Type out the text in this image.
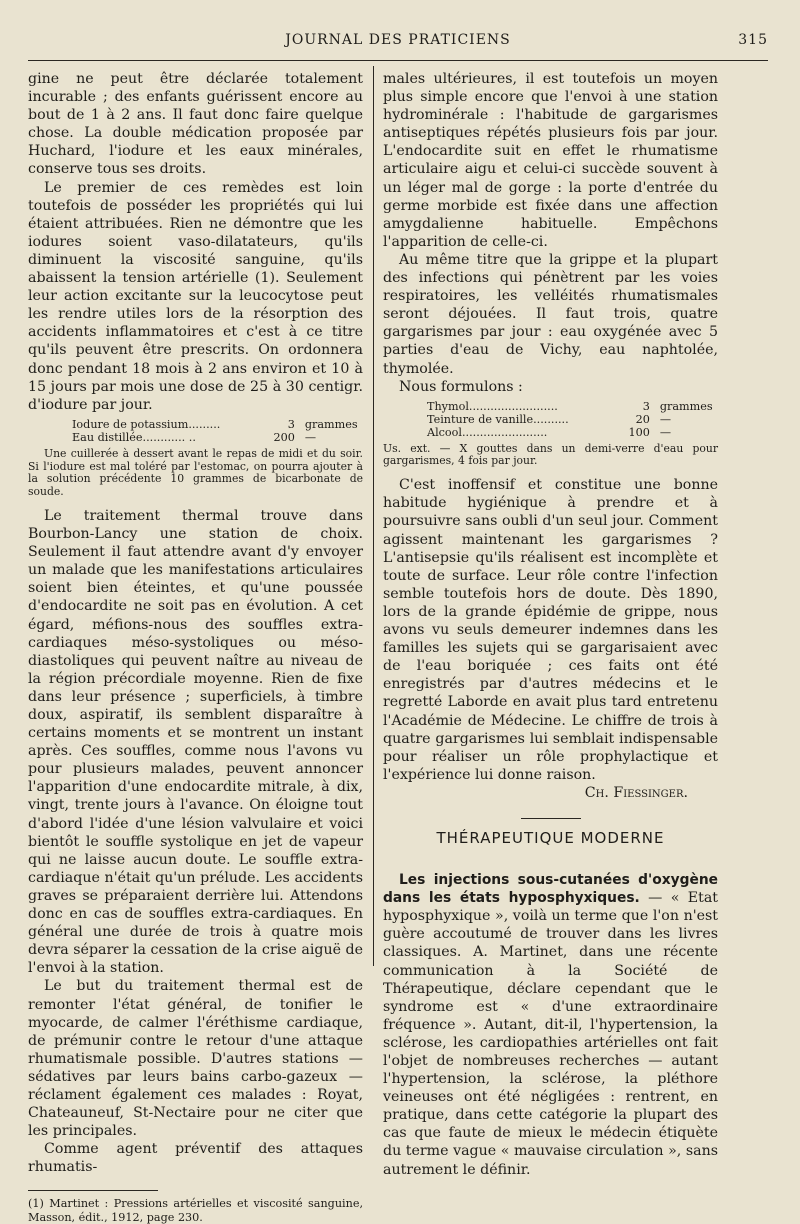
JOURNAL DES PRATICIENS	315

gine ne peut être déclarée totalement incurable ; des enfants guérissent encore au bout de 1 à 2 ans. Il faut donc faire quelque chose. La double médication proposée par Huchard, l'iodure et les eaux minérales, conserve tous ses droits.

Le premier de ces remèdes est loin toutefois de posséder les propriétés qui lui étaient attribuées. Rien ne démontre que les iodures soient vaso-dilatateurs, qu'ils diminuent la viscosité sanguine, qu'ils abaissent la tension artérielle (1). Seulement leur action excitante sur la leucocytose peut les rendre utiles lors de la résorption des accidents inflammatoires et c'est à ce titre qu'ils peuvent être prescrits. On ordonnera donc pendant 18 mois à 2 ans environ et 10 à 15 jours par mois une dose de 25 à 30 centigr. d'iodure par jour.

Iodure de potassium.........	3 grammes
Eau distillée............ ..	200 —

Une cuillerée à dessert avant le repas de midi et du soir. Si l'iodure est mal toléré par l'estomac, on pourra ajouter à la solution précédente 10 grammes de bicarbonate de soude.

Le traitement thermal trouve dans Bourbon-Lancy une station de choix. Seulement il faut attendre avant d'y envoyer un malade que les manifestations articulaires soient bien éteintes, et qu'une poussée d'endocardite ne soit pas en évolution. A cet égard, méfions-nous des souffles extra-cardiaques méso-systoliques ou méso-diastoliques qui peuvent naître au niveau de la région précordiale moyenne. Rien de fixe dans leur présence ; superficiels, à timbre doux, aspiratif, ils semblent disparaître à certains moments et se montrent un instant après. Ces souffles, comme nous l'avons vu pour plusieurs malades, peuvent annoncer l'apparition d'une endocardite mitrale, à dix, vingt, trente jours à l'avance. On éloigne tout d'abord l'idée d'une lésion valvulaire et voici bientôt le souffle systolique en jet de vapeur qui ne laisse aucun doute. Le souffle extra-cardiaque n'était qu'un prélude. Les accidents graves se préparaient derrière lui. Attendons donc en cas de souffles extra-cardiaques. En général une durée de trois à quatre mois devra séparer la cessation de la crise aiguë de l'envoi à la station.

Le but du traitement thermal est de remonter l'état général, de tonifier le myocarde, de calmer l'éréthisme cardiaque, de prémunir contre le retour d'une attaque rhumatismale possible. D'autres stations — sédatives par leurs bains carbo-gazeux — réclament également ces malades : Royat, Chateauneuf, St-Nectaire pour ne citer que les principales.

Comme agent préventif des attaques rhumatis-

(1) Martinet : Pressions artérielles et viscosité sanguine, Masson, édit., 1912, page 230.

males ultérieures, il est toutefois un moyen plus simple encore que l'envoi à une station hydrominérale : l'habitude de gargarismes antiseptiques répétés plusieurs fois par jour. L'endocardite suit en effet le rhumatisme articulaire aigu et celui-ci succède souvent à un léger mal de gorge : la porte d'entrée du germe morbide est fixée dans une affection amygdalienne habituelle. Empêchons l'apparition de celle-ci.

Au même titre que la grippe et la plupart des infections qui pénètrent par les voies respiratoires, les velléités rhumatismales seront déjouées. Il faut trois, quatre gargarismes par jour : eau oxygénée avec 5 parties d'eau de Vichy, eau naphtolée, thymolée.

Nous formulons :

Thymol.........................	3 grammes
Teinture de vanille..........	20 —
Alcool........................	100 —

Us. ext. — X gouttes dans un demi-verre d'eau pour gargarismes, 4 fois par jour.

C'est inoffensif et constitue une bonne habitude hygiénique à prendre et à poursuivre sans oubli d'un seul jour. Comment agissent maintenant les gargarismes ? L'antisepsie qu'ils réalisent est incomplète et toute de surface. Leur rôle contre l'infection semble toutefois hors de doute. Dès 1890, lors de la grande épidémie de grippe, nous avons vu seuls demeurer indemnes dans les familles les sujets qui se gargarisaient avec de l'eau boriquée ; ces faits ont été enregistrés par d'autres médecins et le regretté Laborde en avait plus tard entretenu l'Académie de Médecine. Le chiffre de trois à quatre gargarismes lui semblait indispensable pour réaliser un rôle prophylactique et l'expérience lui donne raison.

Ch. Fiessinger.

THÉRAPEUTIQUE MODERNE

Les injections sous-cutanées d'oxygène dans les états hyposphyxiques. — « Etat hyposphyxique », voilà un terme que l'on n'est guère accoutumé de trouver dans les livres classiques. A. Martinet, dans une récente communication à la Société de Thérapeutique, déclare cependant que le syndrome est « d'une extraordinaire fréquence ». Autant, dit-il, l'hypertension, la sclérose, les cardiopathies artérielles ont fait l'objet de nombreuses recherches — autant l'hypertension, la sclérose, la pléthore veineuses ont été négligées : rentrent, en pratique, dans cette catégorie la plupart des cas que faute de mieux le médecin étiquète du terme vague « mauvaise circulation », sans autrement le définir.
